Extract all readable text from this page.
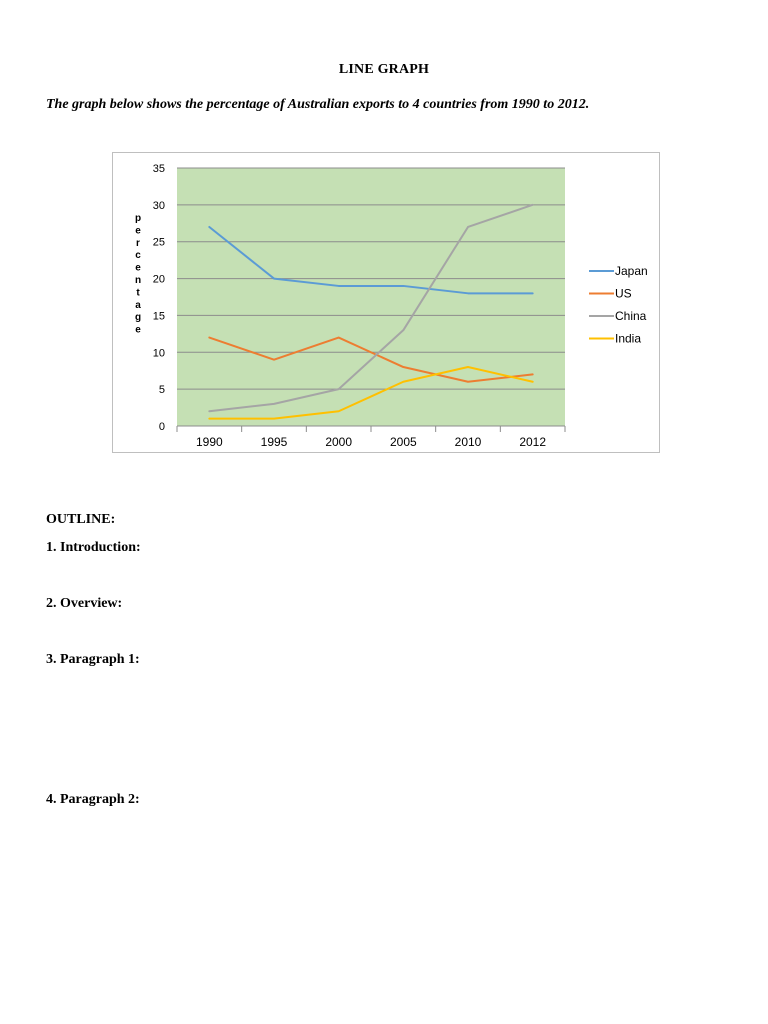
LINE GRAPH
The graph below shows the percentage of Australian exports to 4 countries from 1990 to 2012.
0
5
10
15
20
25
30
35
1990	1995	2000	2005	2010	2012
p
e
r
c
e
n
t
a
g
e
Japan
US
China
India
OUTLINE:
1. Introduction:
2. Overview:
3. Paragraph 1:
4. Paragraph 2:
